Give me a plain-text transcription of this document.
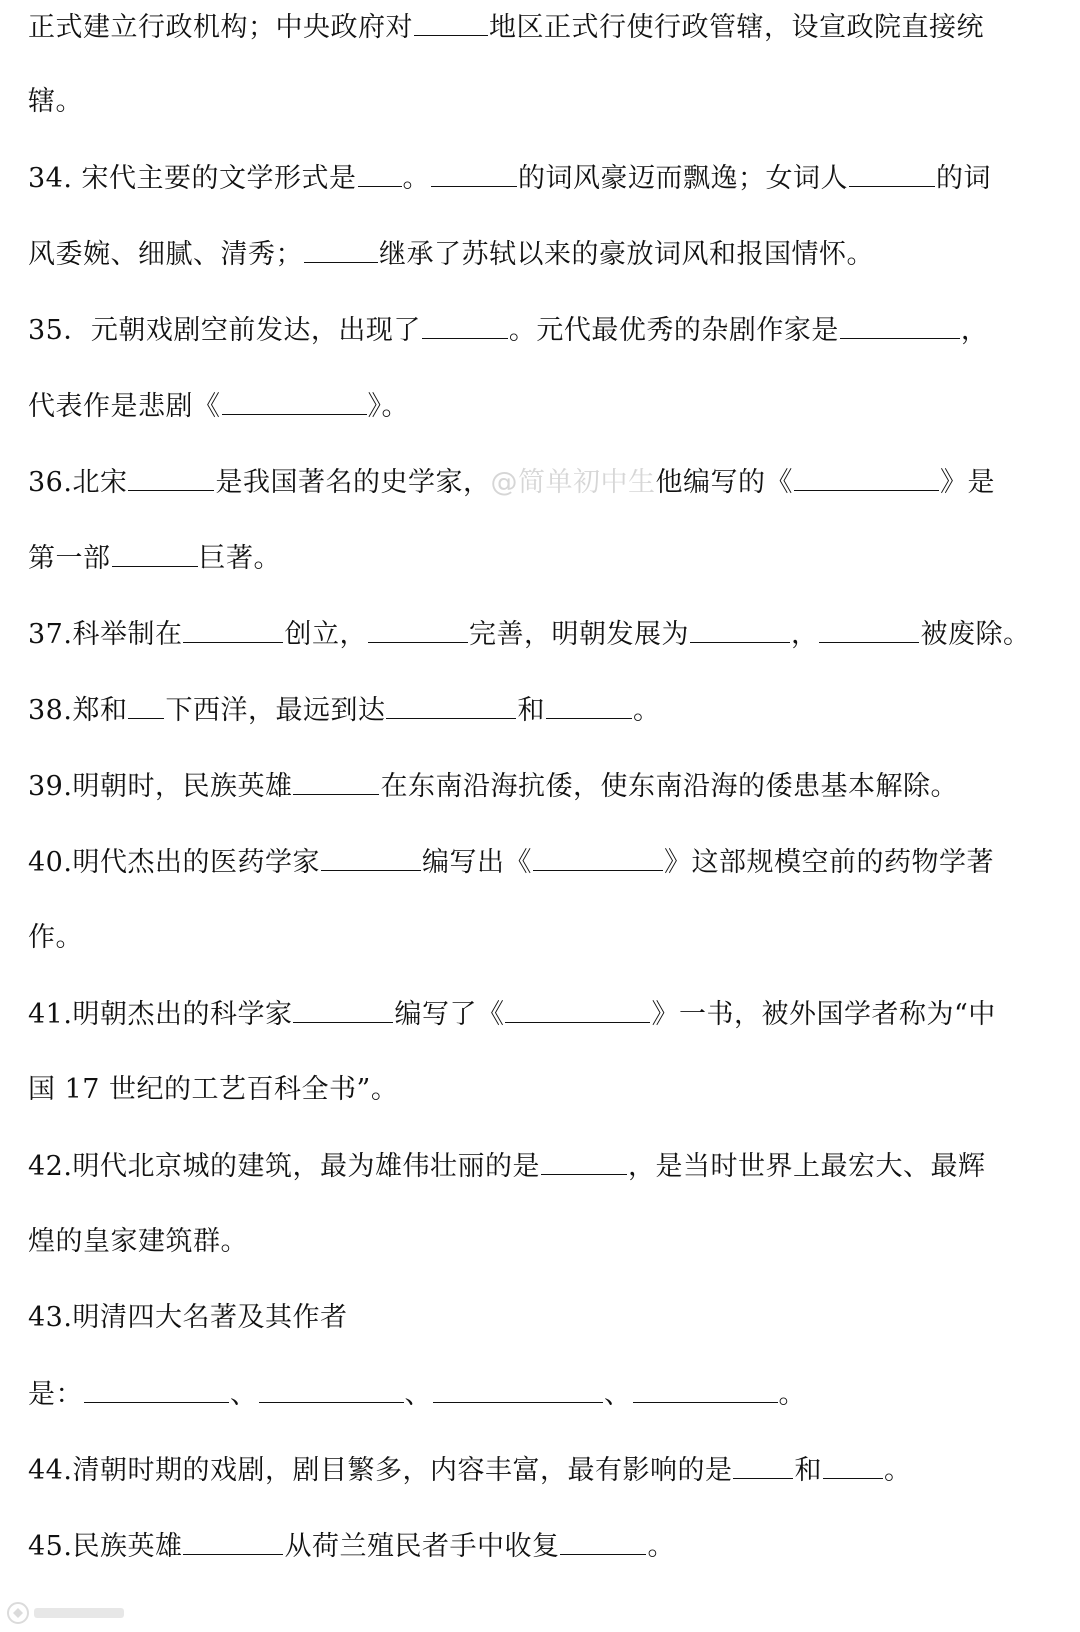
正式建立行政机构；中央政府对	地区正式行使行政管辖，设宣政院直接统
辖。
34. 宋代主要的文学形式是 。	的词风豪迈而飘逸；女词人	的词
风委婉、细腻、清秀；	继承了苏轼以来的豪放词风和报国情怀。
35．元朝戏剧空前发达，出现了	。元代最优秀的杂剧作家是	，
代表作是悲剧《	》。
36.北宋	是我国著名的史学家，@简单初中生他编写的《	》是
第一部	巨著。
37.科举制在	创立，	完善，明朝发展为	，	被废除。
38.郑和 下西洋，最远到达	和	。
39.明朝时，民族英雄	在东南沿海抗倭，使东南沿海的倭患基本解除。
40.明代杰出的医药学家	编写出《	》这部规模空前的药物学著
作。
41.明朝杰出的科学家	编写了《	》一书，被外国学者称为“中
国 17 世纪的工艺百科全书”。
42.明代北京城的建筑，最为雄伟壮丽的是	，是当时世界上最宏大、最辉
煌的皇家建筑群。
43.明清四大名著及其作者
是：	、	、	、	。
44.清朝时期的戏剧，剧目繁多，内容丰富，最有影响的是 和 。
45.民族英雄	从荷兰殖民者手中收复	。
